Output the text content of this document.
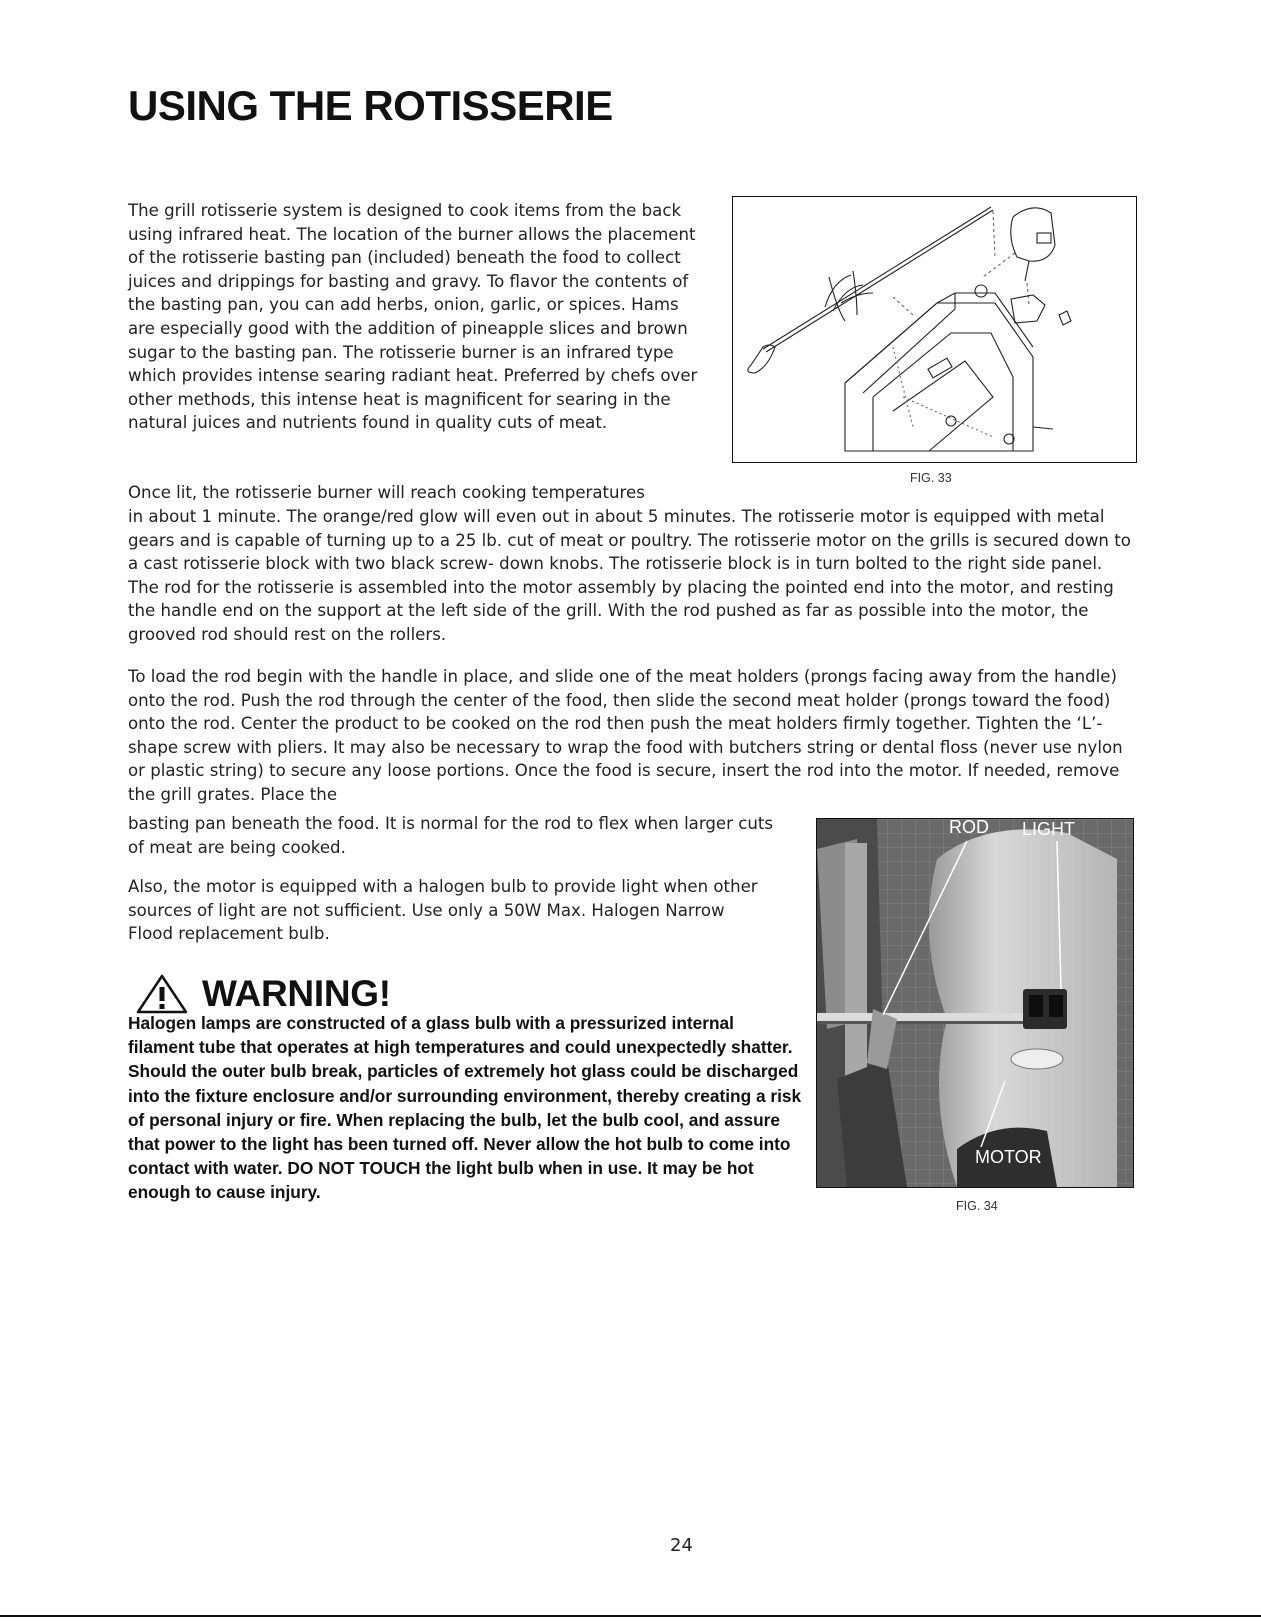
USING THE ROTISSERIE

The grill rotisserie system is designed to cook items from the back using infrared heat. The location of the burner allows the placement of the rotisserie basting pan (included) beneath the food to collect juices and drippings for basting and gravy. To flavor the contents of the basting pan, you can add herbs, onion, garlic, or spices. Hams are especially good with the addition of pineapple slices and brown sugar to the basting pan. The rotisserie burner is an infrared type which provides intense searing radiant heat. Preferred by chefs over other methods, this intense heat is magnificent for searing in the natural juices and nutrients found in quality cuts of meat.

FIG. 33

Once lit, the rotisserie burner will reach cooking temperatures

in about 1 minute. The orange/red glow will even out in about 5 minutes. The rotisserie motor is equipped with metal gears and is capable of turning up to a 25 lb. cut of meat or poultry. The rotisserie motor on the grills is secured down to a cast rotisserie block with two black screw- down knobs. The rotisserie block is in turn bolted to the right side panel. The rod for the rotisserie is assembled into the motor assembly by placing the pointed end into the motor, and resting the handle end on the support at the left side of the grill. With the rod pushed as far as possible into the motor, the grooved rod should rest on the rollers.

To load the rod begin with the handle in place, and slide one of the meat holders (prongs facing away from the handle) onto the rod. Push the rod through the center of the food, then slide the second meat holder (prongs toward the food) onto the rod. Center the product to be cooked on the rod then push the meat holders firmly together. Tighten the ‘L’- shape screw with pliers. It may also be necessary to wrap the food with butchers string or dental floss (never use nylon or plastic string) to secure any loose portions. Once the food is secure, insert the rod into the motor. If needed, remove the grill grates. Place the

basting pan beneath the food. It is normal for the rod to flex when larger cuts of meat are being cooked.

Also, the motor is equipped with a halogen bulb to provide light when other sources of light are not sufficient. Use only a 50W Max. Halogen Narrow Flood replacement bulb.

ROD LIGHT
MOTOR
FIG. 34
WARNING!

Halogen lamps are constructed of a glass bulb with a pressurized internal filament tube that operates at high temperatures and could unexpectedly shatter. Should the outer bulb break, particles of extremely hot glass could be discharged into the fixture enclosure and/or surrounding environment, thereby creating a risk of personal injury or fire. When replacing the bulb, let the bulb cool, and assure that power to the light has been turned off. Never allow the hot bulb to come into contact with water. DO NOT TOUCH the light bulb when in use. It may be hot enough to cause injury.

24
